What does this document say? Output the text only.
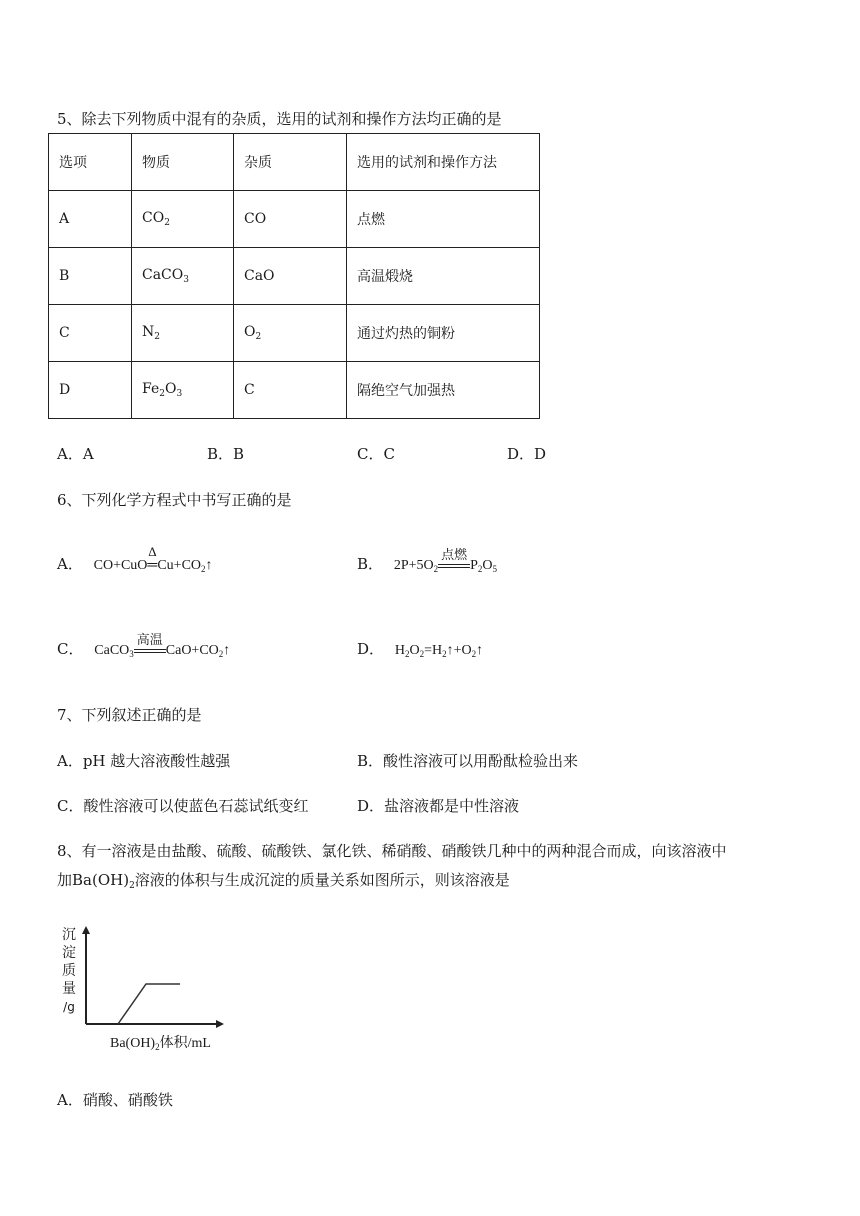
5、除去下列物质中混有的杂质，选用的试剂和操作方法均正确的是
选项	物质	杂质	选用的试剂和操作方法
A	$CO_2$	CO	点燃
B	CaCO$_3$	CaO	高温煅烧
C	$N_2$	$O_2$	通过灼热的铜粉
D	$Fe_2O_3$	C	隔绝空气加强热
A．A	B．B	C．C	D．D
6、下列化学方程式中书写正确的是
A． CO+CuO
Δ
$═Cu+CO_2↑$	B． $2P+5O_2$
点燃
$P_2O_5$
C． CaCO$_3$
高温
$CaO+CO_2↑$	D． $H_2O_2=H_2↑+O_2↑$
7、下列叙述正确的是
A．pH 越大溶液酸性越强	B．酸性溶液可以用酚酞检验出来
C．酸性溶液可以使蓝色石蕊试纸变红	D．盐溶液都是中性溶液
8、有一溶液是由盐酸、硫酸、硫酸铁、氯化铁、稀硝酸、硝酸铁几种中的两种混合而成，向该溶液中
加$Ba(OH)_2$溶液的体积与生成沉淀的质量关系如图所示，则该溶液是
沉
淀
质
量
/g
$Ba(OH)_2$体积/mL
A．硝酸、硝酸铁
